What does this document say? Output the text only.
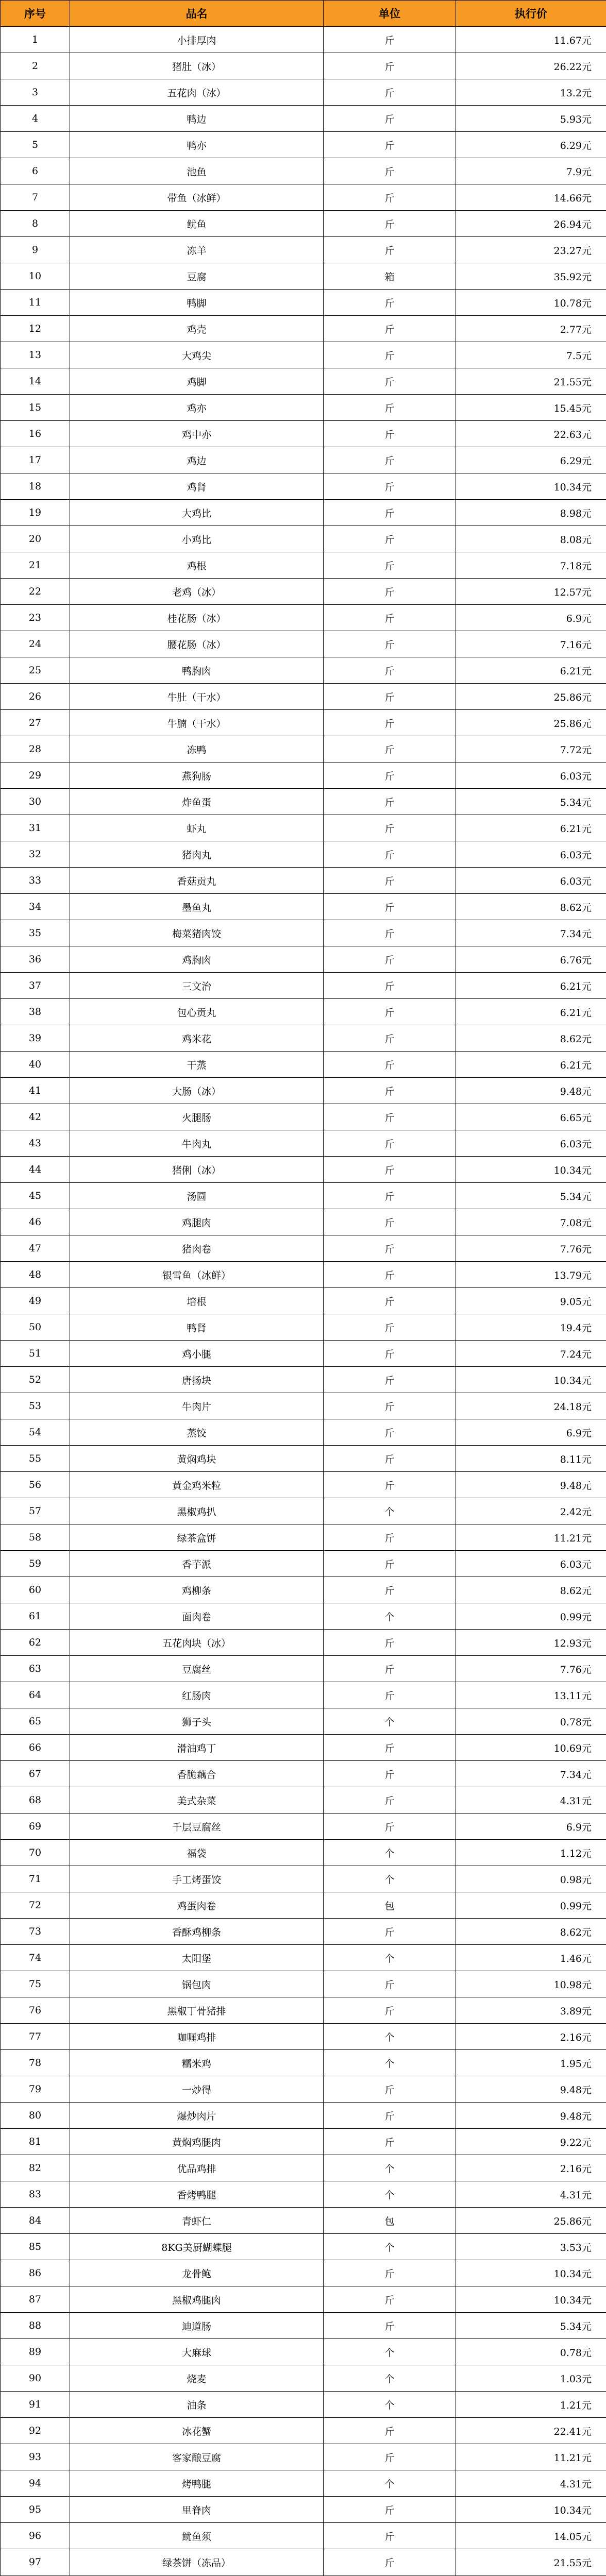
序号	品名	单位	执行价
1	小排厚肉	斤	11.67元
2	猪肚（冰）	斤	26.22元
3	五花肉（冰）	斤	13.2元
4	鸭边	斤	5.93元
5	鸭亦	斤	6.29元
6	池鱼	斤	7.9元
7	带鱼（冰鲜）	斤	14.66元
8	鱿鱼	斤	26.94元
9	冻羊	斤	23.27元
10	豆腐	箱	35.92元
11	鸭脚	斤	10.78元
12	鸡壳	斤	2.77元
13	大鸡尖	斤	7.5元
14	鸡脚	斤	21.55元
15	鸡亦	斤	15.45元
16	鸡中亦	斤	22.63元
17	鸡边	斤	6.29元
18	鸡肾	斤	10.34元
19	大鸡比	斤	8.98元
20	小鸡比	斤	8.08元
21	鸡根	斤	7.18元
22	老鸡（冰）	斤	12.57元
23	桂花肠（冰）	斤	6.9元
24	腰花肠（冰）	斤	7.16元
25	鸭胸肉	斤	6.21元
26	牛肚（干水）	斤	25.86元
27	牛腩（干水）	斤	25.86元
28	冻鸭	斤	7.72元
29	燕狗肠	斤	6.03元
30	炸鱼蛋	斤	5.34元
31	虾丸	斤	6.21元
32	猪肉丸	斤	6.03元
33	香菇贡丸	斤	6.03元
34	墨鱼丸	斤	8.62元
35	梅菜猪肉饺	斤	7.34元
36	鸡胸肉	斤	6.76元
37	三文治	斤	6.21元
38	包心贡丸	斤	6.21元
39	鸡米花	斤	8.62元
40	干蒸	斤	6.21元
41	大肠（冰）	斤	9.48元
42	火腿肠	斤	6.65元
43	牛肉丸	斤	6.03元
44	猪俐（冰）	斤	10.34元
45	汤圆	斤	5.34元
46	鸡腿肉	斤	7.08元
47	猪肉卷	斤	7.76元
48	银雪鱼（冰鲜）	斤	13.79元
49	培根	斤	9.05元
50	鸭肾	斤	19.4元
51	鸡小腿	斤	7.24元
52	唐扬块	斤	10.34元
53	牛肉片	斤	24.18元
54	蒸饺	斤	6.9元
55	黄焖鸡块	斤	8.11元
56	黄金鸡米粒	斤	9.48元
57	黑椒鸡扒	个	2.42元
58	绿茶盒饼	斤	11.21元
59	香芋派	斤	6.03元
60	鸡柳条	斤	8.62元
61	面肉卷	个	0.99元
62	五花肉块（冰）	斤	12.93元
63	豆腐丝	斤	7.76元
64	红肠肉	斤	13.11元
65	狮子头	个	0.78元
66	滑油鸡丁	斤	10.69元
67	香脆藕合	斤	7.34元
68	美式杂菜	斤	4.31元
69	千层豆腐丝	斤	6.9元
70	福袋	个	1.12元
71	手工烤蛋饺	个	0.98元
72	鸡蛋肉卷	包	0.99元
73	香酥鸡柳条	斤	8.62元
74	太阳堡	个	1.46元
75	锅包肉	斤	10.98元
76	黑椒丁骨猪排	斤	3.89元
77	咖喱鸡排	个	2.16元
78	糯米鸡	个	1.95元
79	一炒得	斤	9.48元
80	爆炒肉片	斤	9.48元
81	黄焖鸡腿肉	斤	9.22元
82	优品鸡排	个	2.16元
83	香烤鸭腿	个	4.31元
84	青虾仁	包	25.86元
85	8KG美厨蝴蝶腿	个	3.53元
86	龙骨鲍	斤	10.34元
87	黑椒鸡腿肉	斤	10.34元
88	迪道肠	斤	5.34元
89	大麻球	个	0.78元
90	烧麦	个	1.03元
91	油条	个	1.21元
92	冰花蟹	斤	22.41元
93	客家酿豆腐	斤	11.21元
94	烤鸭腿	个	4.31元
95	里脊肉	斤	10.34元
96	鱿鱼须	斤	14.05元
97	绿茶饼（冻品）	斤	21.55元
